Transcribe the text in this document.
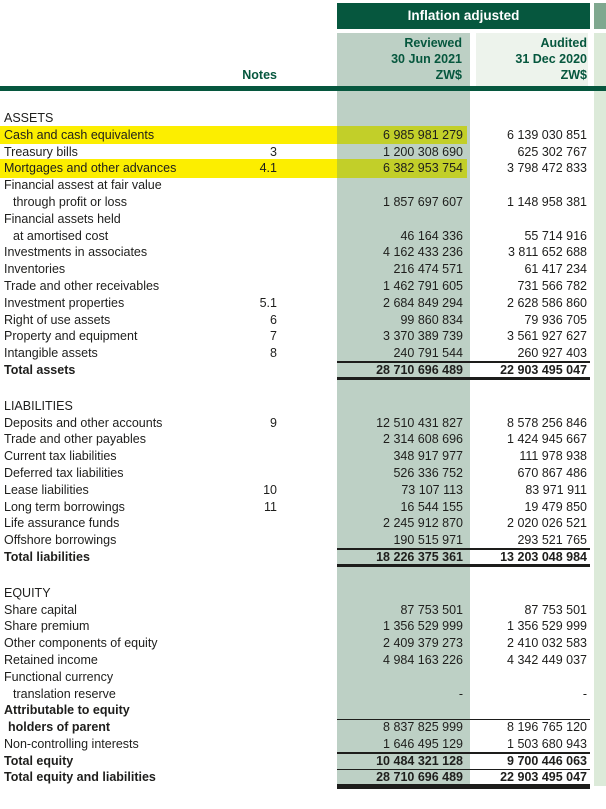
Inflation adjusted
Reviewed
30 Jun 2021
ZW$
Audited
31 Dec 2020
ZW$
Notes
ASSETS
Cash and cash equivalents	6 985 981 279	6 139 030 851
Treasury bills	3	1 200 308 690	625 302 767
Mortgages and other advances	4.1	6 382 953 754	3 798 472 833
Financial assest at fair value
through profit or loss	1 857 697 607	1 148 958 381
Financial assets held
at amortised cost	46 164 336	55 714 916
Investments in associates	4 162 433 236	3 811 652 688
Inventories	216 474 571	61 417 234
Trade and other receivables	1 462 791 605	731 566 782
Investment properties	5.1	2 684 849 294	2 628 586 860
Right of use assets	6	99 860 834	79 936 705
Property and equipment	7	3 370 389 739	3 561 927 627
Intangible assets	8	240 791 544	260 927 403
Total assets	28 710 696 489	22 903 495 047
LIABILITIES
Deposits and other accounts	9	12 510 431 827	8 578 256 846
Trade and other payables	2 314 608 696	1 424 945 667
Current tax liabilities	348 917 977	111 978 938
Deferred tax liabilities	526 336 752	670 867 486
Lease liabilities	10	73 107 113	83 971 911
Long term borrowings	11	16 544 155	19 479 850
Life assurance funds	2 245 912 870	2 020 026 521
Offshore borrowings	190 515 971	293 521 765
Total liabilities	18 226 375 361	13 203 048 984
EQUITY
Share capital	87 753 501	87 753 501
Share premium	1 356 529 999	1 356 529 999
Other components of equity	2 409 379 273	2 410 032 583
Retained income	4 984 163 226	4 342 449 037
Functional currency
translation reserve	-	-
Attributable to equity
holders of parent	8 837 825 999	8 196 765 120
Non-controlling interests	1 646 495 129	1 503 680 943
Total equity	10 484 321 128	9 700 446 063
Total equity and liabilities	28 710 696 489	22 903 495 047
